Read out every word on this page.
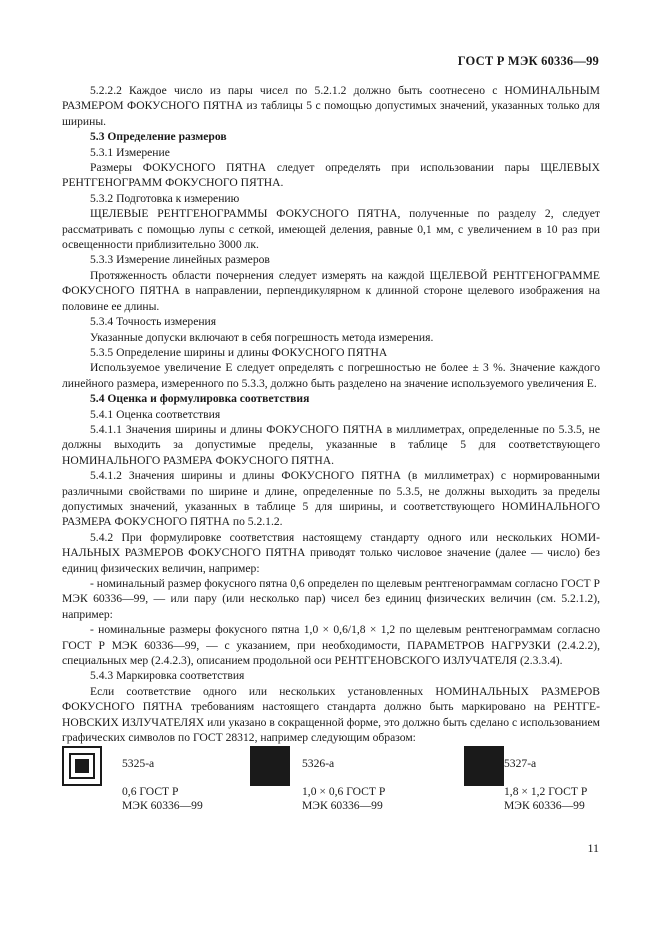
ГОСТ Р МЭК 60336—99

5.2.2.2 Каждое число из пары чисел по 5.2.1.2 должно быть соотнесено с НОМИНАЛЬНЫМ РАЗМЕРОМ ФОКУСНОГО ПЯТНА из таблицы 5 с помощью допустимых значений, указанных только для ширины.

5.3 Определение размеров

5.3.1 Измерение

Размеры ФОКУСНОГО ПЯТНА следует определять при использовании пары ЩЕЛЕВЫХ РЕНТГЕНОГРАММ ФОКУСНОГО ПЯТНА.

5.3.2 Подготовка к измерению

ЩЕЛЕВЫЕ РЕНТГЕНОГРАММЫ ФОКУСНОГО ПЯТНА, полученные по разделу 2, следует рассматривать с помощью лупы с сеткой, имеющей деления, равные 0,1 мм, с увеличением в 10 раз при освещенности приблизительно 3000 лк.

5.3.3 Измерение линейных размеров

Протяженность области почернения следует измерять на каждой ЩЕЛЕВОЙ РЕНТГЕНОГРАММЕ ФОКУСНОГО ПЯТНА в направлении, перпендикулярном к длинной стороне щелевого изображения на половине ее длины.

5.3.4 Точность измерения

Указанные допуски включают в себя погрешность метода измерения.

5.3.5 Определение ширины и длины ФОКУСНОГО ПЯТНА

Используемое увеличение Е следует определять с погрешностью не более ± 3 %. Значение каждого линейного размера, измеренного по 5.3.3, должно быть разделено на значение используемого увеличения Е.

5.4 Оценка и формулировка соответствия

5.4.1 Оценка соответствия

5.4.1.1 Значения ширины и длины ФОКУСНОГО ПЯТНА в миллиметрах, определенные по 5.3.5, не должны выходить за допустимые пределы, указанные в таблице 5 для соответствующего НОМИНАЛЬНОГО РАЗМЕРА ФОКУСНОГО ПЯТНА.

5.4.1.2 Значения ширины и длины ФОКУСНОГО ПЯТНА (в миллиметрах) с нормированными различными свойствами по ширине и длине, определенные по 5.3.5, не должны выходить за пределы допустимых значений, указанных в таблице 5 для ширины, и соответствующего НОМИНАЛЬНОГО РАЗМЕРА ФОКУСНОГО ПЯТНА по 5.2.1.2.

5.4.2 При формулировке соответствия настоящему стандарту одного или нескольких НОМИНАЛЬНЫХ РАЗМЕРОВ ФОКУСНОГО ПЯТНА приводят только числовое значение (далее — число) без единиц физических величин, например:

- номинальный размер фокусного пятна 0,6 определен по щелевым рентгенограммам согласно ГОСТ Р МЭК 60336—99, — или пару (или несколько пар) чисел без единиц физических величин (см. 5.2.1.2), например:

- номинальные размеры фокусного пятна 1,0 × 0,6/1,8 × 1,2 по щелевым рентгенограммам согласно ГОСТ Р МЭК 60336—99, — с указанием, при необходимости, ПАРАМЕТРОВ НАГРУЗКИ (2.4.2.2), специальных мер (2.4.2.3), описанием продольной оси РЕНТГЕНОВСКОГО ИЗЛУЧАТЕЛЯ (2.3.3.4).

5.4.3 Маркировка соответствия

Если соответствие одного или нескольких установленных НОМИНАЛЬНЫХ РАЗМЕРОВ ФОКУСНОГО ПЯТНА требованиям настоящего стандарта должно быть маркировано на РЕНТГЕНОВСКИХ ИЗЛУЧАТЕЛЯХ или указано в сокращенной форме, это должно быть сделано с использованием графических символов по ГОСТ 28312, например следующим образом:

5325-а
0,6 ГОСТ Р
МЭК 60336—99
5326-а
1,0 × 0,6 ГОСТ Р
МЭК 60336—99
5327-а
1,8 × 1,2 ГОСТ Р
МЭК 60336—99
11
